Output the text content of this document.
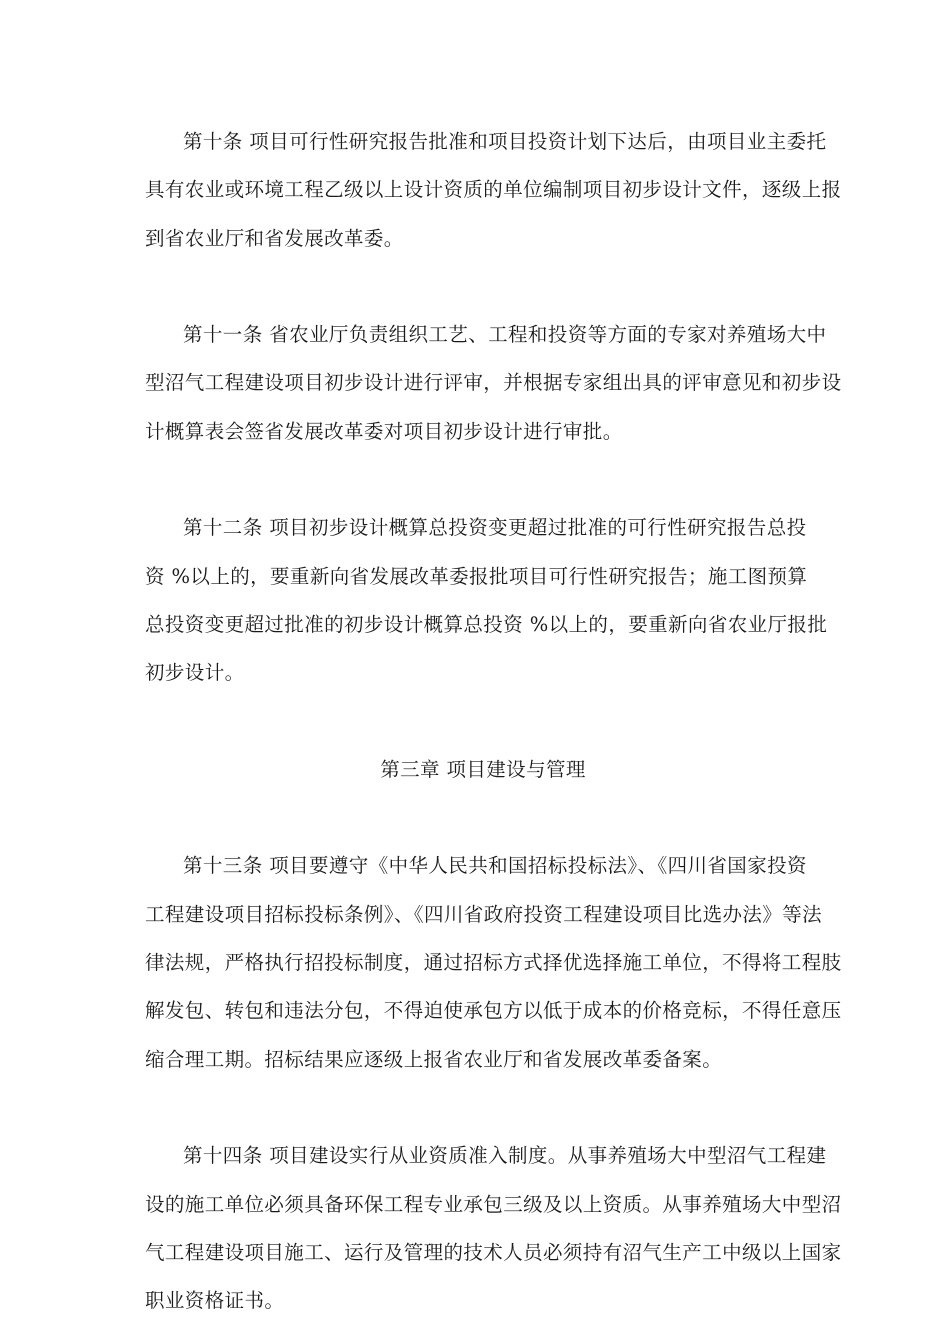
第十条 项目可行性研究报告批准和项目投资计划下达后，由项目业主委托
具有农业或环境工程乙级以上设计资质的单位编制项目初步设计文件，逐级上报
到省农业厅和省发展改革委。

第十一条 省农业厅负责组织工艺、工程和投资等方面的专家对养殖场大中
型沼气工程建设项目初步设计进行评审，并根据专家组出具的评审意见和初步设
计概算表会签省发展改革委对项目初步设计进行审批。

第十二条 项目初步设计概算总投资变更超过批准的可行性研究报告总投
资 %以上的，要重新向省发展改革委报批项目可行性研究报告；施工图预算
总投资变更超过批准的初步设计概算总投资 %以上的，要重新向省农业厅报批
初步设计。

第三章 项目建设与管理

第十三条 项目要遵守《中华人民共和国招标投标法》、《四川省国家投资
工程建设项目招标投标条例》、《四川省政府投资工程建设项目比选办法》等法
律法规，严格执行招投标制度，通过招标方式择优选择施工单位，不得将工程肢
解发包、转包和违法分包，不得迫使承包方以低于成本的价格竞标，不得任意压
缩合理工期。招标结果应逐级上报省农业厅和省发展改革委备案。

第十四条 项目建设实行从业资质准入制度。从事养殖场大中型沼气工程建
设的施工单位必须具备环保工程专业承包三级及以上资质。从事养殖场大中型沼
气工程建设项目施工、运行及管理的技术人员必须持有沼气生产工中级以上国家
职业资格证书。
